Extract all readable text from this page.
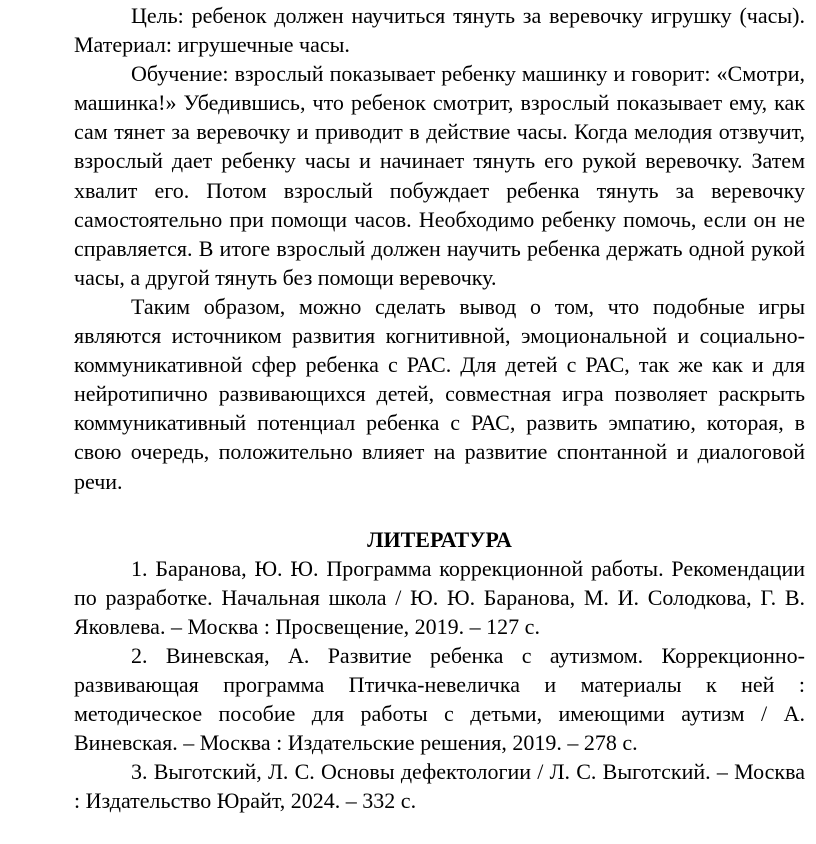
Цель: ребенок должен научиться тянуть за веревочку игрушку (часы). Материал: игрушечные часы.

Обучение: взрослый показывает ребенку машинку и говорит: «Смотри, машинка!» Убедившись, что ребенок смотрит, взрослый показывает ему, как сам тянет за веревочку и приводит в действие часы. Когда мелодия отзвучит, взрослый дает ребенку часы и начинает тянуть его рукой веревочку. Затем хвалит его. Потом взрослый побуждает ребенка тянуть за веревочку самостоятельно при помощи часов. Необходимо ребенку помочь, если он не справляется. В итоге взрослый должен научить ребенка держать одной рукой часы, а другой тянуть без помощи веревочку.

Таким образом, можно сделать вывод о том, что подобные игры являются источником развития когнитивной, эмоциональной и социально- коммуникативной сфер ребенка с РАС. Для детей с РАС, так же как и для нейротипично развивающихся детей, совместная игра позволяет раскрыть коммуникативный потенциал ребенка с РАС, развить эмпатию, которая, в свою очередь, положительно влияет на развитие спонтанной и диалоговой речи.

ЛИТЕРАТУРА

1. Баранова, Ю. Ю. Программа коррекционной работы. Рекомендации по разработке. Начальная школа / Ю. Ю. Баранова, М. И. Солодкова, Г. В. Яковлева. – Москва : Просвещение, 2019. – 127 с.

2. Виневская, А. Развитие ребенка с аутизмом. Коррекционно-развивающая программа Птичка-невеличка и материалы к ней : методическое пособие для работы с детьми, имеющими аутизм / А. Виневская. – Москва : Издательские решения, 2019. – 278 с.

3. Выготский, Л. С. Основы дефектологии / Л. С. Выготский. – Москва : Издательство Юрайт, 2024. – 332 с.
